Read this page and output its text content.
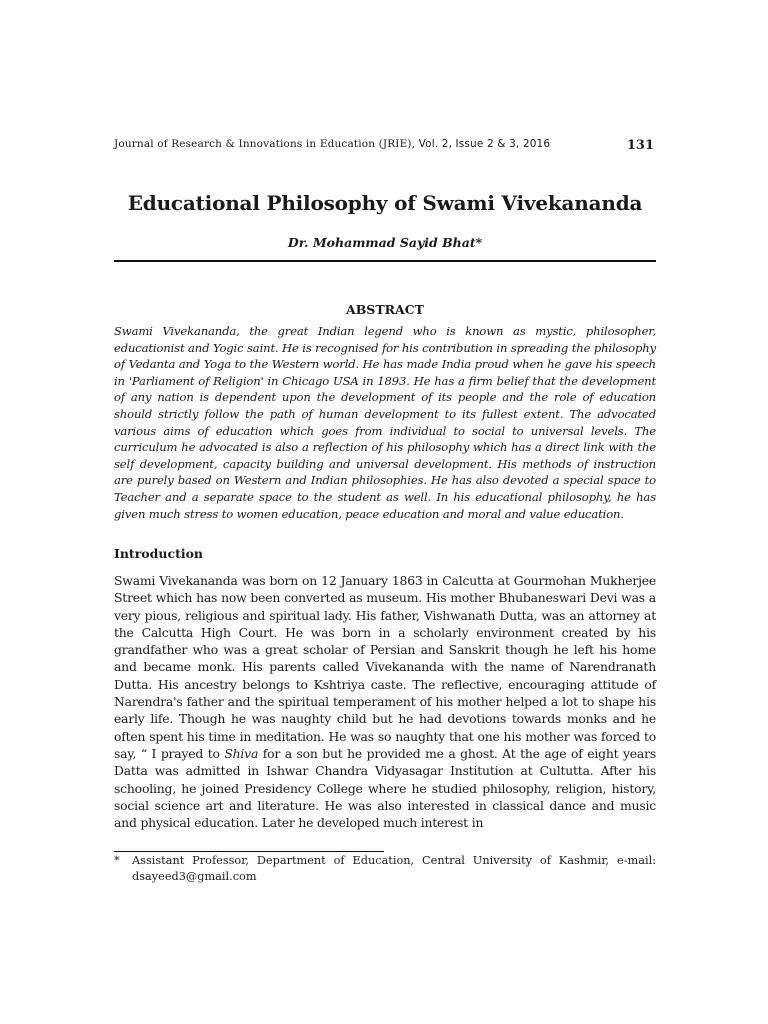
Journal of Research & Innovations in Education (JRIE), Vol. 2, Issue 2 & 3, 2016	131
Educational Philosophy of Swami Vivekananda
Dr. Mohammad Sayid Bhat*
ABSTRACT
Swami Vivekananda, the great Indian legend who is known as mystic, philosopher, educationist and Yogic saint. He is recognised for his contribution in spreading the philosophy of Vedanta and Yoga to the Western world. He has made India proud when he gave his speech in 'Parliament of Religion' in Chicago USA in 1893. He has a firm belief that the development of any nation is dependent upon the development of its people and the role of education should strictly follow the path of human development to its fullest extent. The advocated various aims of education which goes from individual to social to universal levels. The curriculum he advocated is also a reflection of his philosophy which has a direct link with the self development, capacity building and universal development. His methods of instruction are purely based on Western and Indian philosophies. He has also devoted a special space to Teacher and a separate space to the student as well. In his educational philosophy, he has given much stress to women education, peace education and moral and value education.
Introduction
Swami Vivekananda was born on 12 January 1863 in Calcutta at Gourmohan Mukherjee Street which has now been converted as museum. His mother Bhubaneswari Devi was a very pious, religious and spiritual lady. His father, Vishwanath Dutta, was an attorney at the Calcutta High Court. He was born in a scholarly environment created by his grandfather who was a great scholar of Persian and Sanskrit though he left his home and became monk. His parents called Vivekananda with the name of Narendranath Dutta. His ancestry belongs to Kshtriya caste. The reflective, encouraging attitude of Narendra's father and the spiritual temperament of his mother helped a lot to shape his early life. Though he was naughty child but he had devotions towards monks and he often spent his time in meditation. He was so naughty that one his mother was forced to say, “ I prayed to Shiva for a son but he provided me a ghost. At the age of eight years Datta was admitted in Ishwar Chandra Vidyasagar Institution at Cultutta. After his schooling, he joined Presidency College where he studied philosophy, religion, history, social science art and literature. He was also interested in classical dance and music and physical education. Later he developed much interest in
* Assistant Professor, Department of Education, Central University of Kashmir, e-mail: dsayeed3@gmail.com
